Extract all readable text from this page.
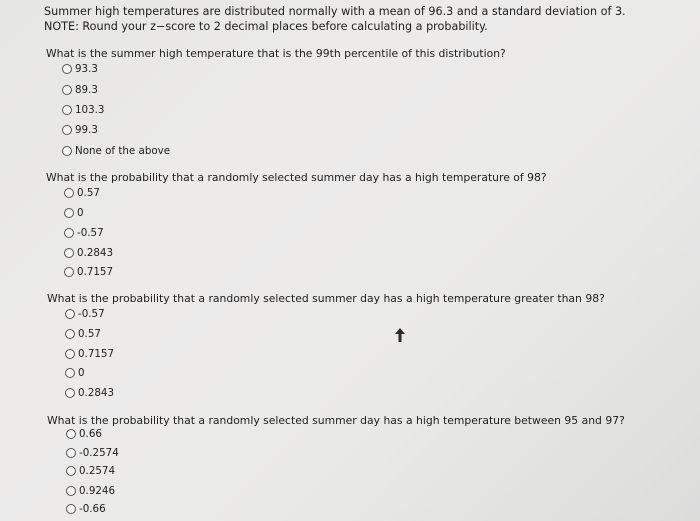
Summer high temperatures are distributed normally with a mean of 96.3 and a standard deviation of 3.
NOTE: Round your z−score to 2 decimal places before calculating a probability.
What is the summer high temperature that is the 99th percentile of this distribution?
93.3
89.3
103.3
99.3
None of the above
What is the probability that a randomly selected summer day has a high temperature of 98?
0.57
0
-0.57
0.2843
0.7157
What is the probability that a randomly selected summer day has a high temperature greater than 98?
-0.57
0.57
0.7157
0
0.2843
What is the probability that a randomly selected summer day has a high temperature between 95 and 97?
0.66
-0.2574
0.2574
0.9246
-0.66
